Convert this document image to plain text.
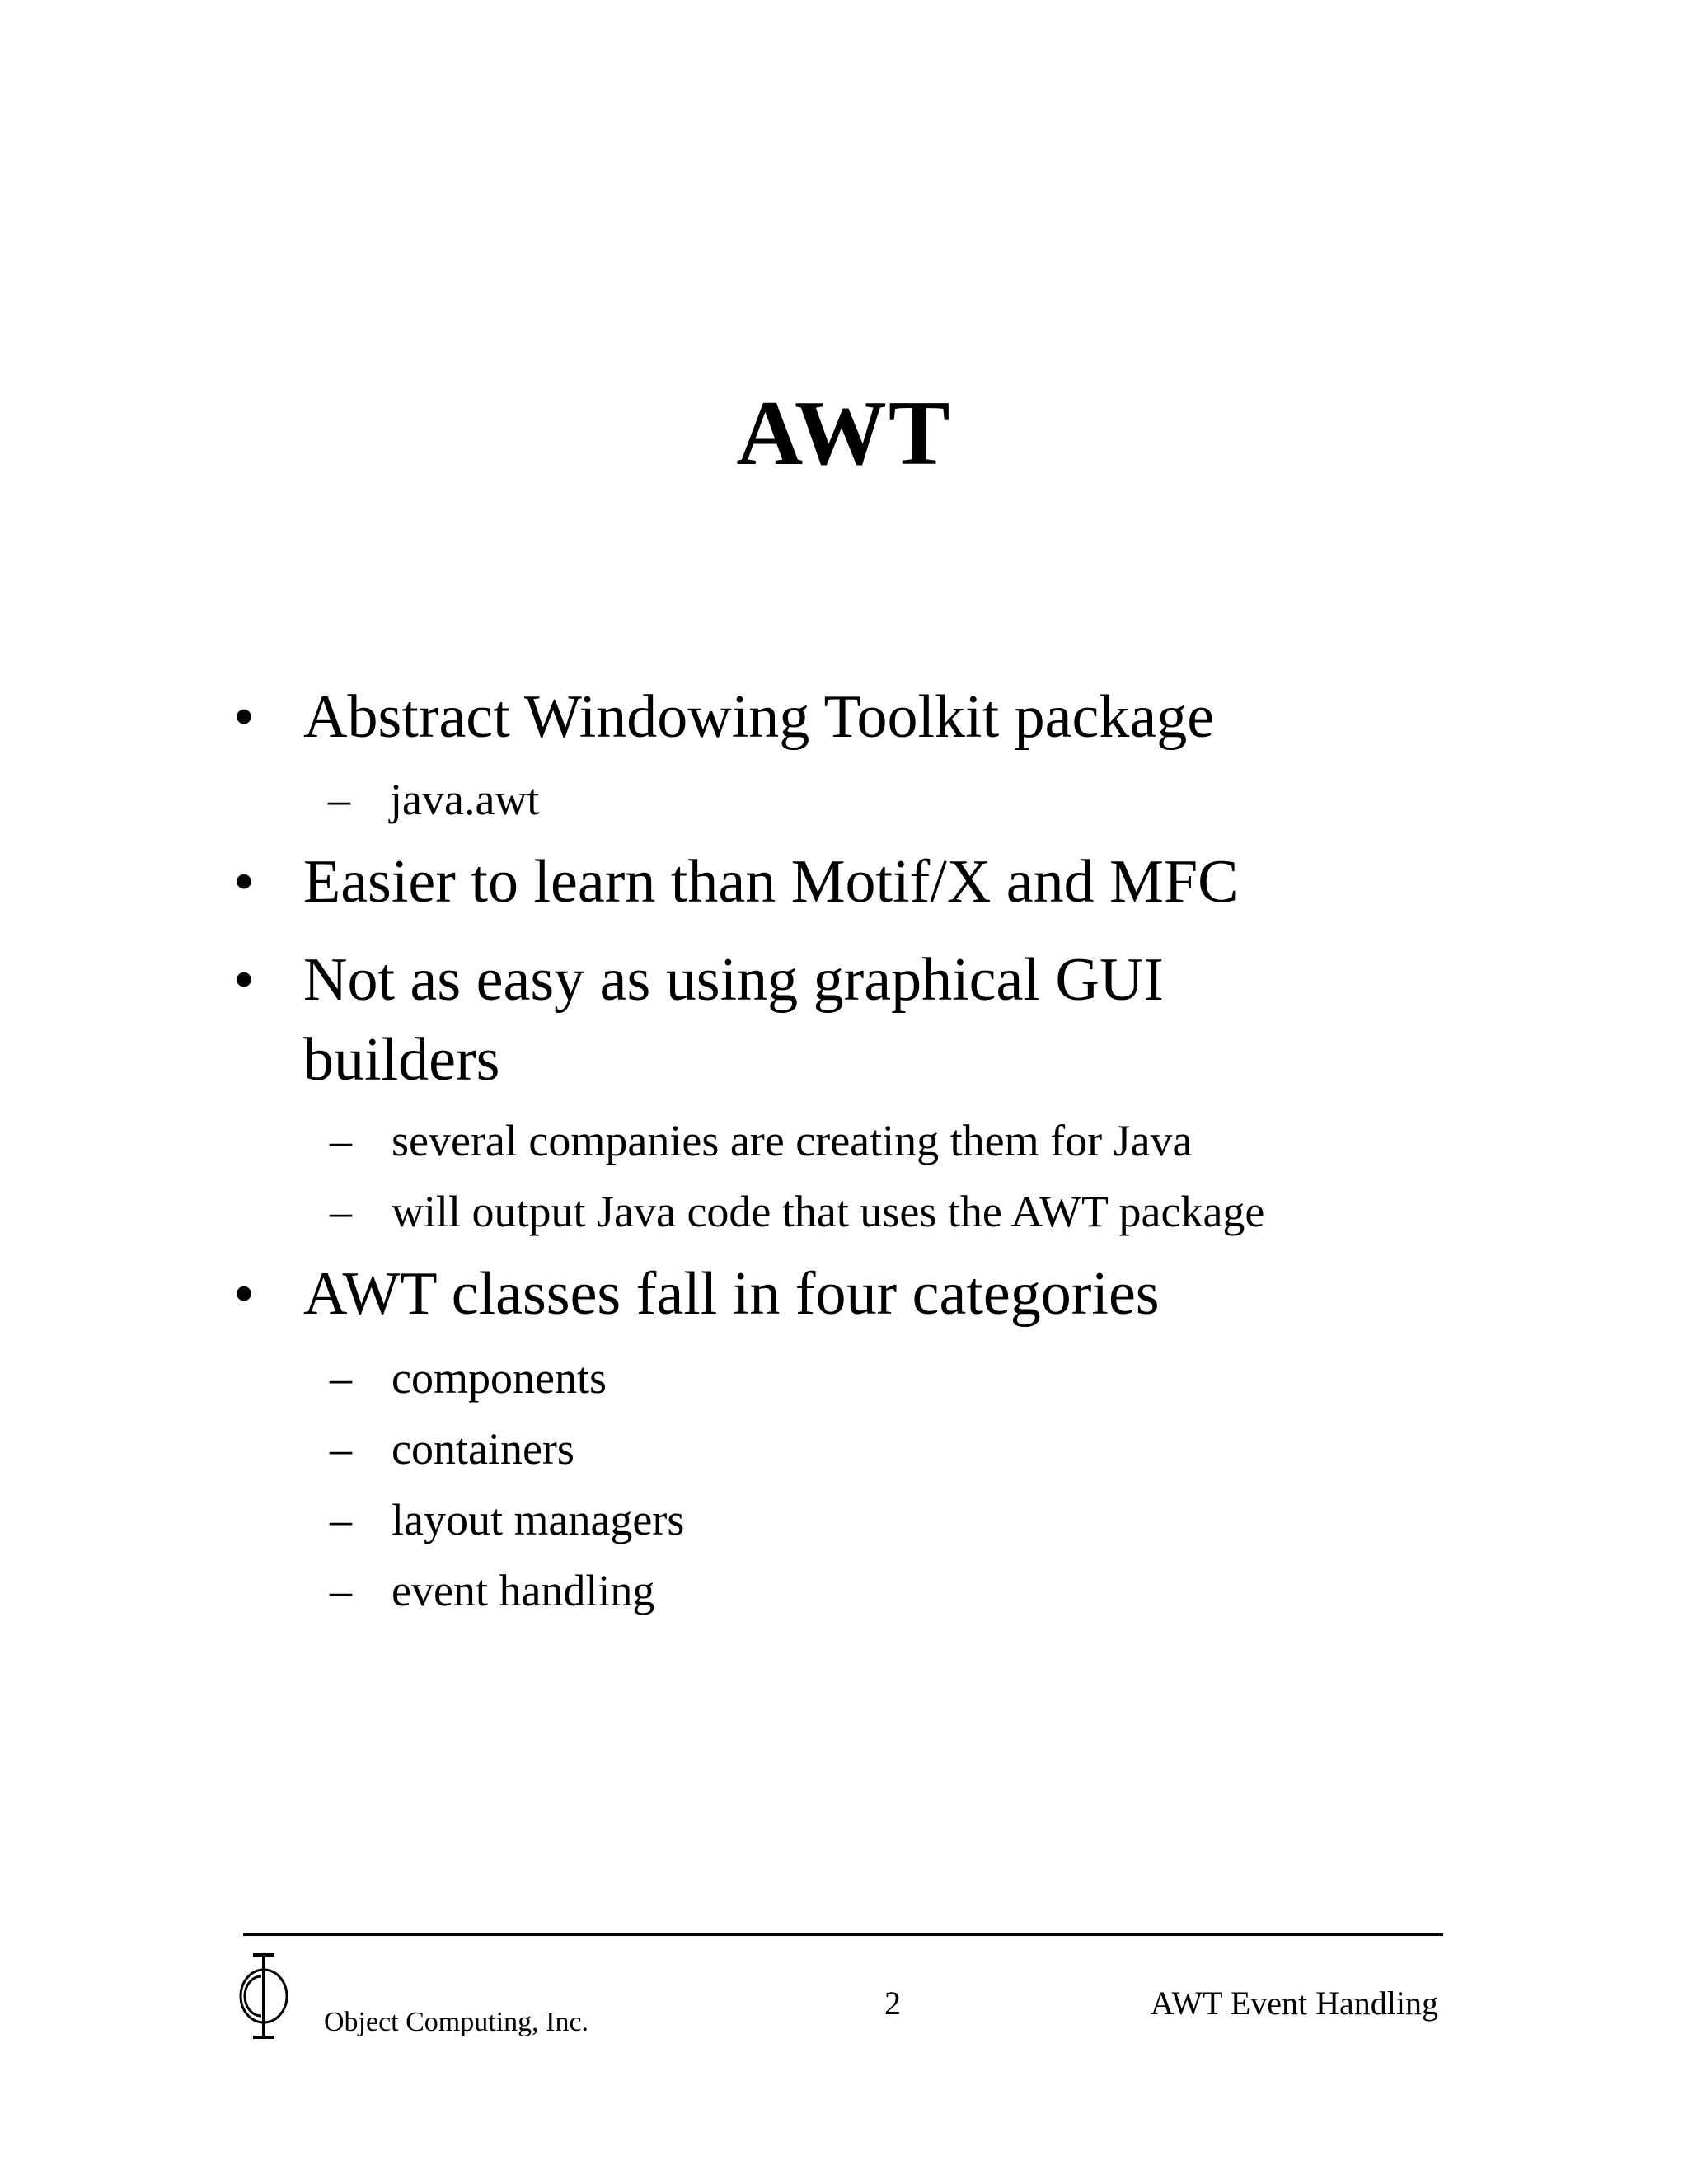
AWT
• Abstract Windowing Toolkit package
– java.awt
• Easier to learn than Motif/X and MFC
• Not as easy as using graphical GUI builders
– several companies are creating them for Java
– will output Java code that uses the AWT package
• AWT classes fall in four categories
– components
– containers
– layout managers
– event handling
Object Computing, Inc.
2	AWT Event Handling
